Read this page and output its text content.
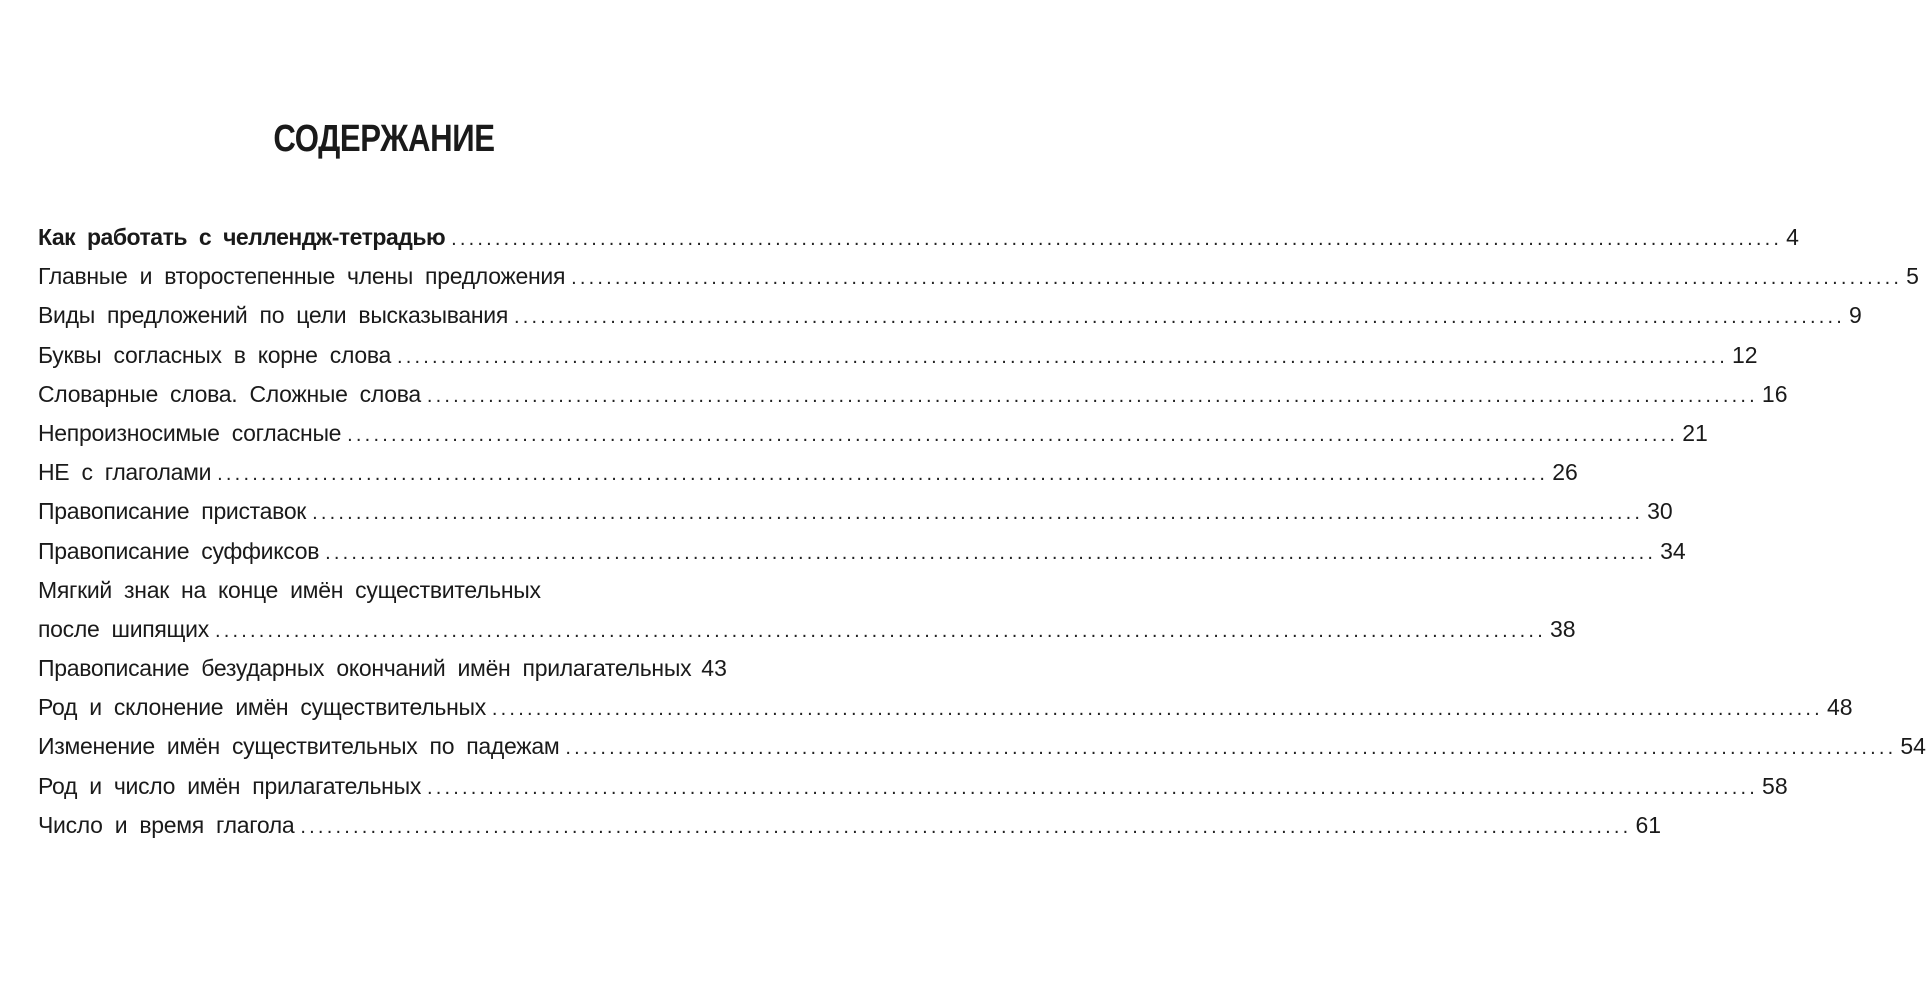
СОДЕРЖАНИЕ
Как работать с челлендж-тетрадью .....	4
Главные и второстепенные члены предложения .....	5
Виды предложений по цели высказывания .....	9
Буквы согласных в корне слова .....	12
Словарные слова. Сложные слова .....	16
Непроизносимые согласные .....	21
НЕ с глаголами .....	26
Правописание приставок .....	30
Правописание суффиксов .....	34
Мягкий знак на конце имён существительных
после шипящих .....	38
Правописание безударных окончаний имён прилагательных 43
Род и склонение имён существительных .....	48
Изменение имён существительных по падежам .....	54
Род и число имён прилагательных .....	58
Число и время глагола .....	61
